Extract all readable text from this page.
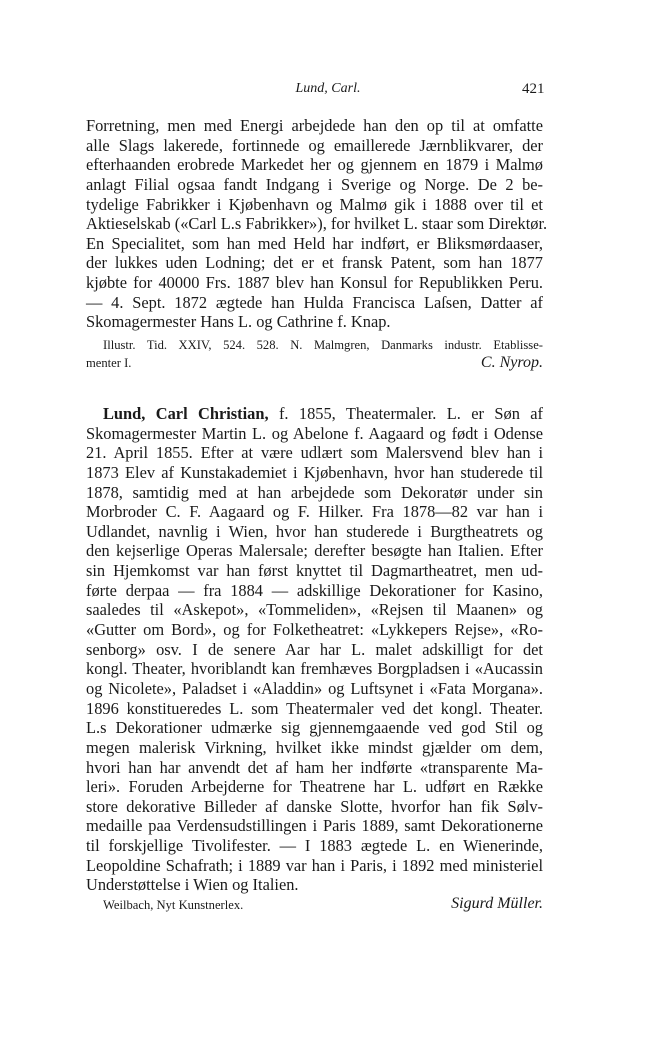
Lund, Carl.	421
Forretning, men med Energi arbejdede han den op til at omfatte
alle Slags lakerede, fortinnede og emaillerede Jærnblikvarer, der
efterhaanden erobrede Markedet her og gjennem en 1879 i Malmø
anlagt Filial ogsaa fandt Indgang i Sverige og Norge. De 2 be-
tydelige Fabrikker i Kjøbenhavn og Malmø gik i 1888 over til et
Aktieselskab («Carl L.s Fabrikker»), for hvilket L. staar som Direktør.
En Specialitet, som han med Held har indført, er Bliksmørdaaser,
der lukkes uden Lodning; det er et fransk Patent, som han 1877
kjøbte for 40000 Frs. 1887 blev han Konsul for Republikken Peru.
— 4. Sept. 1872 ægtede han Hulda Francisca Laſsen, Datter af
Skomagermester Hans L. og Cathrine f. Knap.
Illustr. Tid. XXIV, 524. 528. N. Malmgren, Danmarks industr. Etablisse-
menter I.	C. Nyrop.
Lund, Carl Christian, f. 1855, Theatermaler. L. er Søn af
Skomagermester Martin L. og Abelone f. Aagaard og født i Odense
21. April 1855. Efter at være udlært som Malersvend blev han i
1873 Elev af Kunstakademiet i Kjøbenhavn, hvor han studerede til
1878, samtidig med at han arbejdede som Dekoratør under sin
Morbroder C. F. Aagaard og F. Hilker. Fra 1878—82 var han i
Udlandet, navnlig i Wien, hvor han studerede i Burgtheatrets og
den kejserlige Operas Malersale; derefter besøgte han Italien. Efter
sin Hjemkomst var han først knyttet til Dagmartheatret, men ud-
førte derpaa — fra 1884 — adskillige Dekorationer for Kasino,
saaledes til «Askepot», «Tommeliden», «Rejsen til Maanen» og
«Gutter om Bord», og for Folketheatret: «Lykkepers Rejse», «Ro-
senborg» osv. I de senere Aar har L. malet adskilligt for det
kongl. Theater, hvoriblandt kan fremhæves Borgpladsen i «Aucassin
og Nicolete», Paladset i «Aladdin» og Luftsynet i «Fata Morgana».
1896 konstitueredes L. som Theatermaler ved det kongl. Theater.
L.s Dekorationer udmærke sig gjennemgaaende ved god Stil og
megen malerisk Virkning, hvilket ikke mindst gjælder om dem,
hvori han har anvendt det af ham her indførte «transparente Ma-
leri». Foruden Arbejderne for Theatrene har L. udført en Række
store dekorative Billeder af danske Slotte, hvorfor han fik Sølv-
medaille paa Verdensudstillingen i Paris 1889, samt Dekorationerne
til forskjellige Tivolifester. — I 1883 ægtede L. en Wienerinde,
Leopoldine Schafrath; i 1889 var han i Paris, i 1892 med ministeriel
Understøttelse i Wien og Italien.
Weilbach, Nyt Kunstnerlex.	Sigurd Müller.
